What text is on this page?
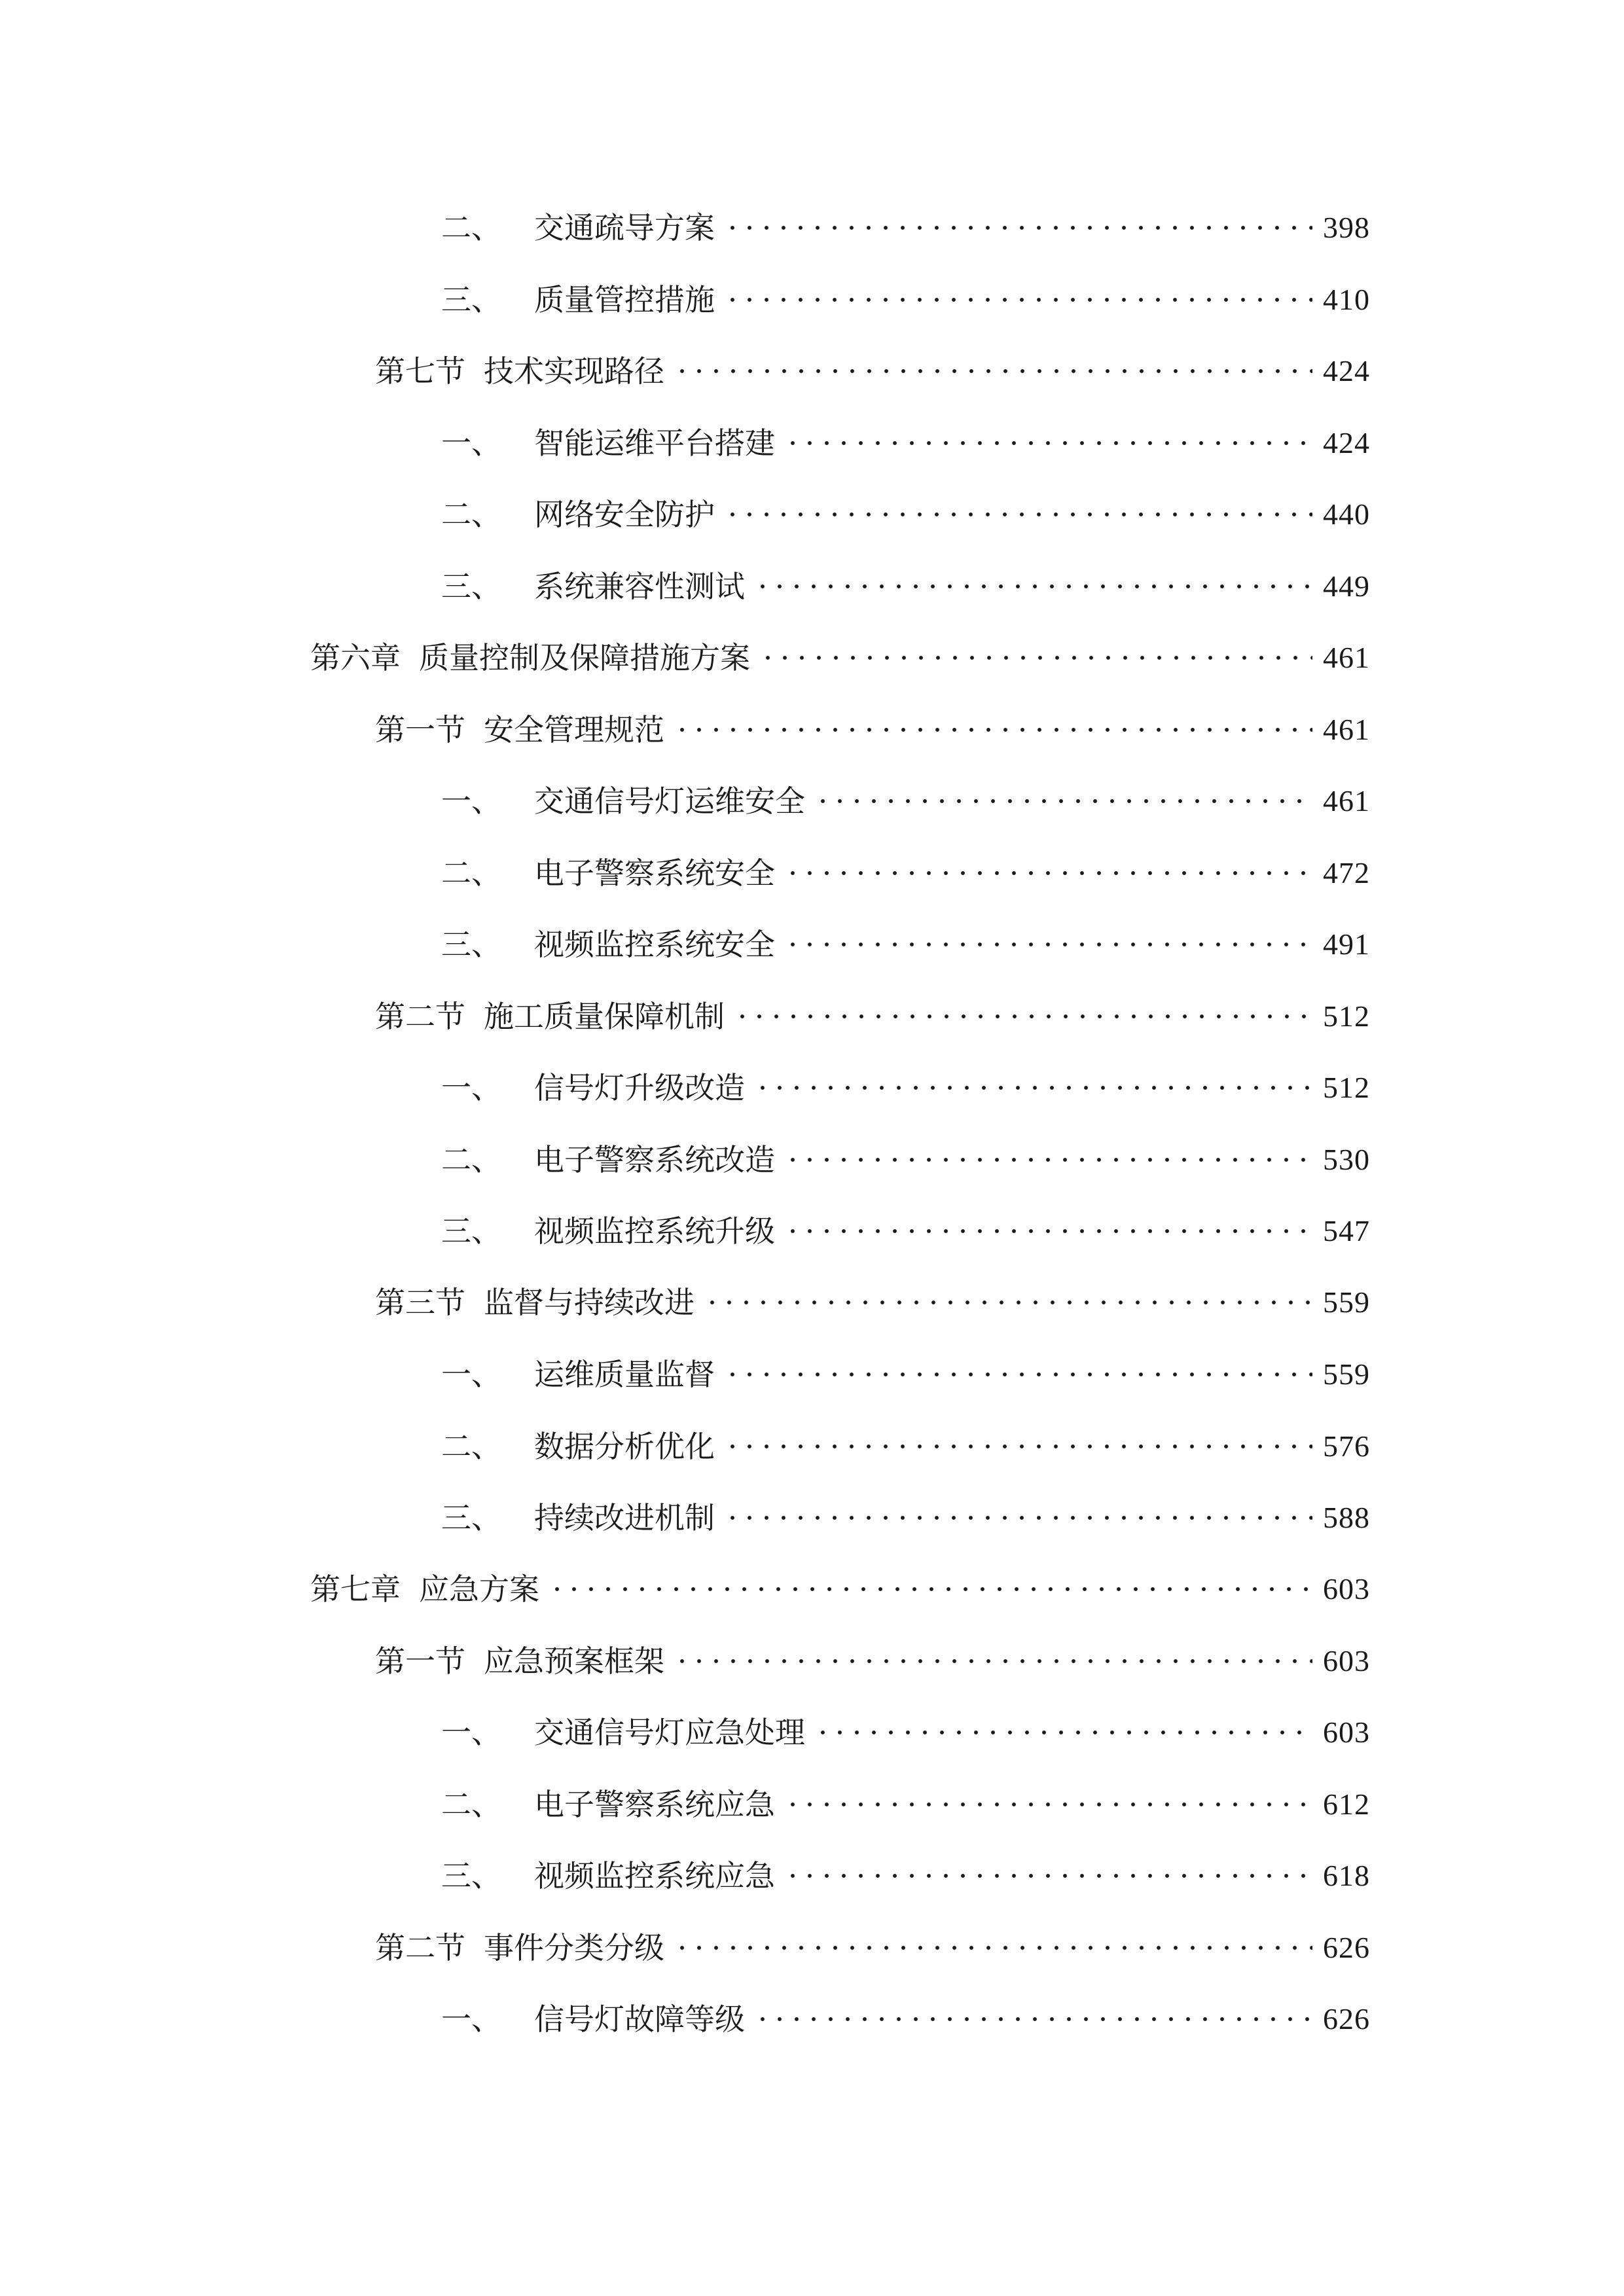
二、 交通疏导方案	398
三、 质量管控措施	410
第七节 技术实现路径	424
一、 智能运维平台搭建	424
二、 网络安全防护	440
三、 系统兼容性测试	449
第六章 质量控制及保障措施方案	461
第一节 安全管理规范	461
一、 交通信号灯运维安全	461
二、 电子警察系统安全	472
三、 视频监控系统安全	491
第二节 施工质量保障机制	512
一、 信号灯升级改造	512
二、 电子警察系统改造	530
三、 视频监控系统升级	547
第三节 监督与持续改进	559
一、 运维质量监督	559
二、 数据分析优化	576
三、 持续改进机制	588
第七章 应急方案	603
第一节 应急预案框架	603
一、 交通信号灯应急处理	603
二、 电子警察系统应急	612
三、 视频监控系统应急	618
第二节 事件分类分级	626
一、 信号灯故障等级	626
